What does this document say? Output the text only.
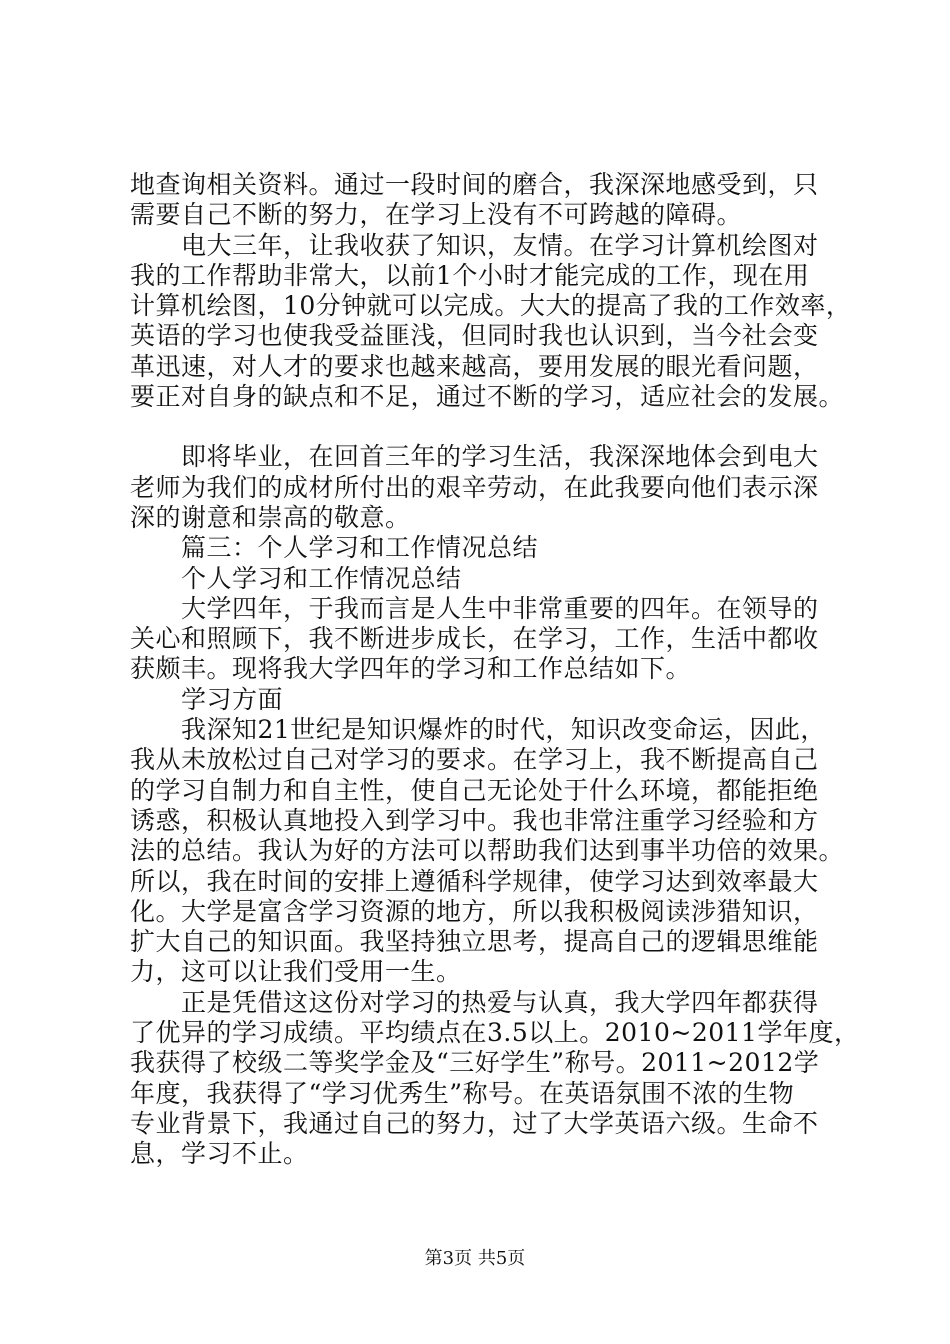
地查询相关资料。通过一段时间的磨合，我深深地感受到，只
需要自己不断的努力，在学习上没有不可跨越的障碍。
　　电大三年，让我收获了知识，友情。在学习计算机绘图对
我的工作帮助非常大，以前1个小时才能完成的工作，现在用
计算机绘图，10分钟就可以完成。大大的提高了我的工作效率，
英语的学习也使我受益匪浅，但同时我也认识到，当今社会变
革迅速，对人才的要求也越来越高，要用发展的眼光看问题，
要正对自身的缺点和不足，通过不断的学习，适应社会的发展。
　　即将毕业，在回首三年的学习生活，我深深地体会到电大
老师为我们的成材所付出的艰辛劳动，在此我要向他们表示深
深的谢意和崇高的敬意。
　　篇三：个人学习和工作情况总结
　　个人学习和工作情况总结
　　大学四年，于我而言是人生中非常重要的四年。在领导的
关心和照顾下，我不断进步成长，在学习，工作，生活中都收
获颇丰。现将我大学四年的学习和工作总结如下。
　　学习方面
　　我深知21世纪是知识爆炸的时代，知识改变命运，因此，
我从未放松过自己对学习的要求。在学习上，我不断提高自己
的学习自制力和自主性，使自己无论处于什么环境，都能拒绝
诱惑，积极认真地投入到学习中。我也非常注重学习经验和方
法的总结。我认为好的方法可以帮助我们达到事半功倍的效果。
所以，我在时间的安排上遵循科学规律，使学习达到效率最大
化。大学是富含学习资源的地方，所以我积极阅读涉猎知识，
扩大自己的知识面。我坚持独立思考，提高自己的逻辑思维能
力，这可以让我们受用一生。
　　正是凭借这这份对学习的热爱与认真，我大学四年都获得
了优异的学习成绩。平均绩点在3.5以上。2010~2011学年度，
我获得了校级二等奖学金及“三好学生”称号。2011~2012学
年度，我获得了“学习优秀生”称号。在英语氛围不浓的生物
专业背景下，我通过自己的努力，过了大学英语六级。生命不
息，学习不止。
第3页 共5页
